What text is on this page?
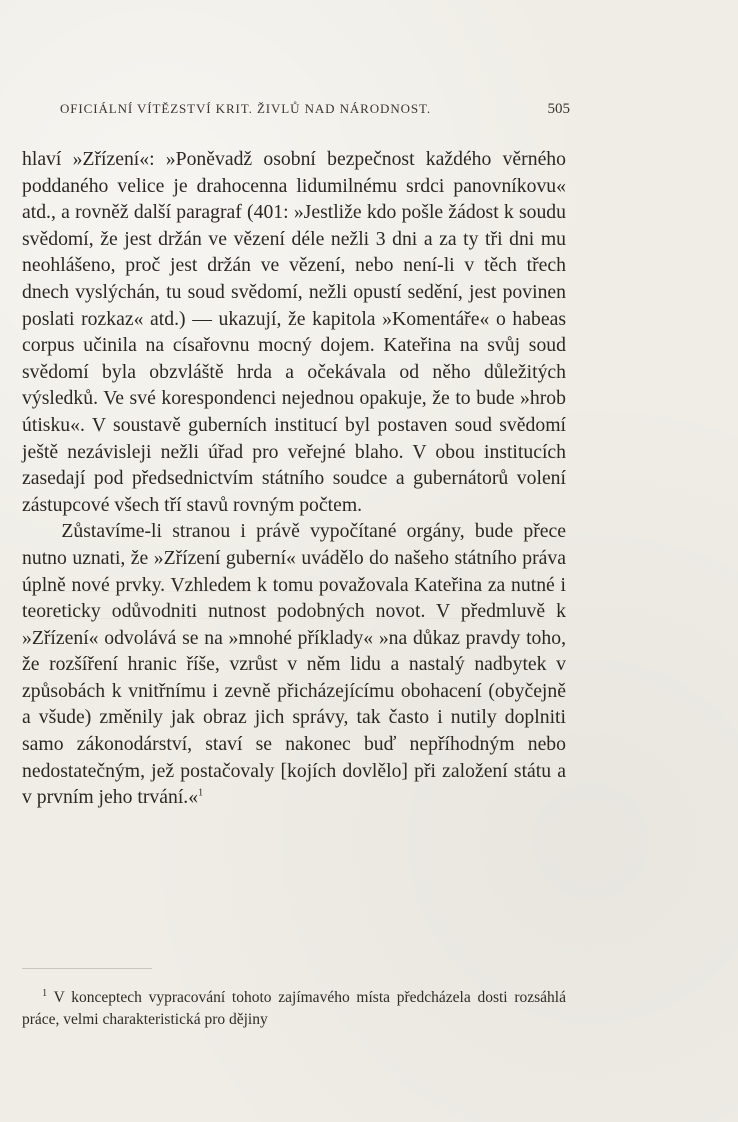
OFICIÁLNÍ VÍTĚZSTVÍ KRIT. ŽIVLŮ NAD NÁRODNOST.	505

hlaví »Zřízení«: »Poněvadž osobní bezpečnost každého věrného poddaného velice je drahocenna lidumilnému srdci panovníkovu« atd., a rovněž další paragraf (401: »Jestliže kdo pošle žádost k soudu svědomí, že jest držán ve vězení déle nežli 3 dni a za ty tři dni mu neohlášeno, proč jest držán ve vězení, nebo není-li v těch třech dnech vyslýchán, tu soud svědomí, nežli opustí sedění, jest povinen poslati rozkaz« atd.) — ukazují, že kapitola »Komentáře« o habeas corpus učinila na císařovnu mocný dojem. Kateřina na svůj soud svědomí byla obzvláště hrda a očekávala od něho důležitých výsledků. Ve své korespondenci nejednou opakuje, že to bude »hrob útisku«. V soustavě guberních institucí byl postaven soud svědomí ještě nezávisleji nežli úřad pro veřejné blaho. V obou institucích zasedají pod předsednictvím státního soudce a gubernátorů volení zástupcové všech tří stavů rovným počtem.

Zůstavíme-li stranou i právě vypočítané orgány, bude přece nutno uznati, že »Zřízení guberní« uvádělo do našeho státního práva úplně nové prvky. Vzhledem k tomu považovala Kateřina za nutné i teoreticky odůvodniti nutnost podobných novot. V předmluvě k »Zřízení« odvolává se na »mnohé příklady« »na důkaz pravdy toho, že rozšíření hranic říše, vzrůst v něm lidu a nastalý nadbytek v způsobách k vnitřnímu i zevně přicházejícímu obohacení (obyčejně a všude) změnily jak obraz jich správy, tak často i nutily doplniti samo zákonodárství, staví se nakonec buď nepříhodným nebo nedostatečným, jež postačovaly [kojích dovlělo] při založení státu a v prvním jeho trvání.«$^1$

$^1$ V konceptech vypracování tohoto zajímavého místa předcházela dosti rozsáhlá práce, velmi charakteristická pro dějiny
